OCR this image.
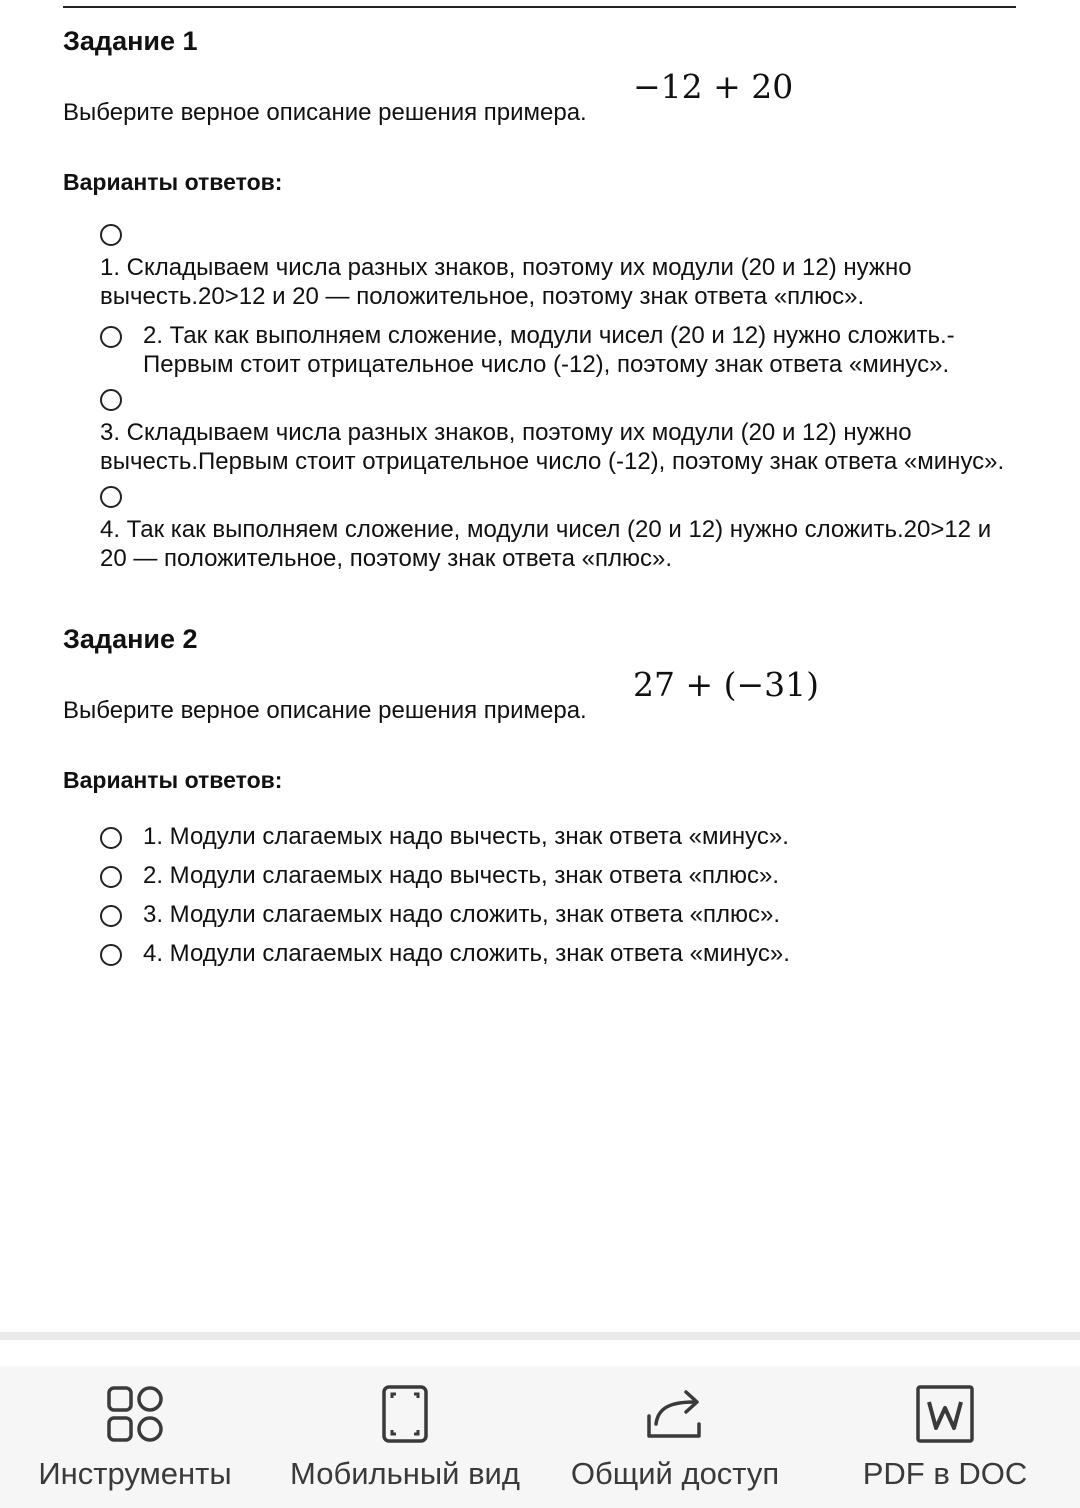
Задание 1
Выберите верное описание решения примера.
−12 + 20
Варианты ответов:
1. Складываем числа разных знаков, поэтому их модули (20 и 12) нужно вычесть.20>12 и 20 — положительное, поэтому знак ответа «плюс».
2. Так как выполняем сложение, модули чисел (20 и 12) нужно сложить.-Первым стоит отрицательное число (-12), поэтому знак ответа «минус».
3. Складываем числа разных знаков, поэтому их модули (20 и 12) нужно вычесть.Первым стоит отрицательное число (-12), поэтому знак ответа «минус».
4. Так как выполняем сложение, модули чисел (20 и 12) нужно сложить.20>12 и 20 — положительное, поэтому знак ответа «плюс».
Задание 2
Выберите верное описание решения примера.
27 + (−31)
Варианты ответов:
1. Модули слагаемых надо вычесть, знак ответа «минус».
2. Модули слагаемых надо вычесть, знак ответа «плюс».
3. Модули слагаемых надо сложить, знак ответа «плюс».
4. Модули слагаемых надо сложить, знак ответа «минус».
Инструменты	Мобильный вид	Общий доступ	PDF в DOC
